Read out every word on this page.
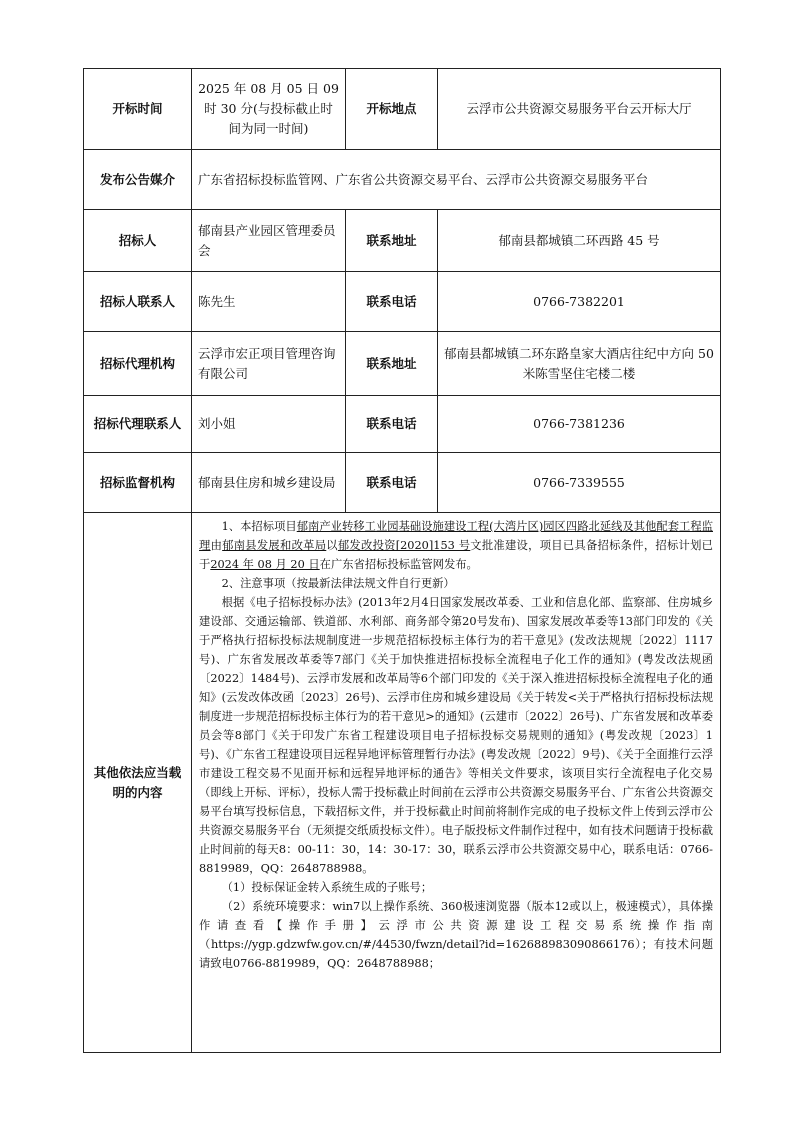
开标时间	2025 年 08 月 05 日 09 时 30 分(与投标截止时间为同一时间)	开标地点	云浮市公共资源交易服务平台云开标大厅
发布公告媒介	广东省招标投标监管网、广东省公共资源交易平台、云浮市公共资源交易服务平台		
招标人	郁南县产业园区管理委员会	联系地址	郁南县都城镇二环西路 45 号
招标人联系人	陈先生	联系电话	0766-7382201
招标代理机构	云浮市宏正项目管理咨询有限公司	联系地址	郁南县都城镇二环东路皇家大酒店往纪中方向 50 米陈雪坚住宅楼二楼
招标代理联系人	刘小姐	联系电话	0766-7381236
招标监督机构	郁南县住房和城乡建设局	联系电话	0766-7339555
其他依法应当载明的内容	1、本招标项目郁南产业转移工业园基础设施建设工程(大湾片区)园区四路北延线及其他配套工程监理由郁南县发展和改革局以郁发改投资[2020]153 号文批准建设，项目已具备招标条件，招标计划已于2024 年 08 月 20 日在广东省招标投标监管网发布。

2、注意事项（按最新法律法规文件自行更新）

根据《电子招标投标办法》(2013年2月4日国家发展改革委、工业和信息化部、监察部、住房城乡建设部、交通运输部、铁道部、水利部、商务部令第20号发布)、国家发展改革委等13部门印发的《关于严格执行招标投标法规制度进一步规范招标投标主体行为的若干意见》(发改法规规〔2022〕1117号)、广东省发展改革委等7部门《关于加快推进招标投标全流程电子化工作的通知》(粤发改法规函〔2022〕1484号)、云浮市发展和改革局等6个部门印发的《关于深入推进招标投标全流程电子化的通知》(云发改体改函〔2023〕26号)、云浮市住房和城乡建设局《关于转发<关于严格执行招标投标法规制度进一步规范招标投标主体行为的若干意见>的通知》(云建市〔2022〕26号)、广东省发展和改革委员会等8部门《关于印发广东省工程建设项目电子招标投标交易规则的通知》(粤发改规〔2023〕1号)、《广东省工程建设项目远程异地评标管理暂行办法》(粤发改规〔2022〕9号)、《关于全面推行云浮市建设工程交易不见面开标和远程异地评标的通告》等相关文件要求，该项目实行全流程电子化交易（即线上开标、评标），投标人需于投标截止时间前在云浮市公共资源交易服务平台、广东省公共资源交易平台填写投标信息，下载招标文件，并于投标截止时间前将制作完成的电子投标文件上传到云浮市公共资源交易服务平台（无须提交纸质投标文件）。电子版投标文件制作过程中，如有技术问题请于投标截止时间前的每天8：00-11：30，14：30-17：30，联系云浮市公共资源交易中心，联系电话：0766-8819989，QQ：2648788988。

（1）投标保证金转入系统生成的子账号；

（2）系统环境要求：win7以上操作系统、360极速浏览器（版本12或以上，极速模式），具体操作请查看【操作手册】云浮市公共资源建设工程交易系统操作指南（https://ygp.gdzwfw.gov.cn/#/44530/fwzn/detail?id=162688983090866176）；有技术问题请致电0766-8819989，QQ：2648788988；		
